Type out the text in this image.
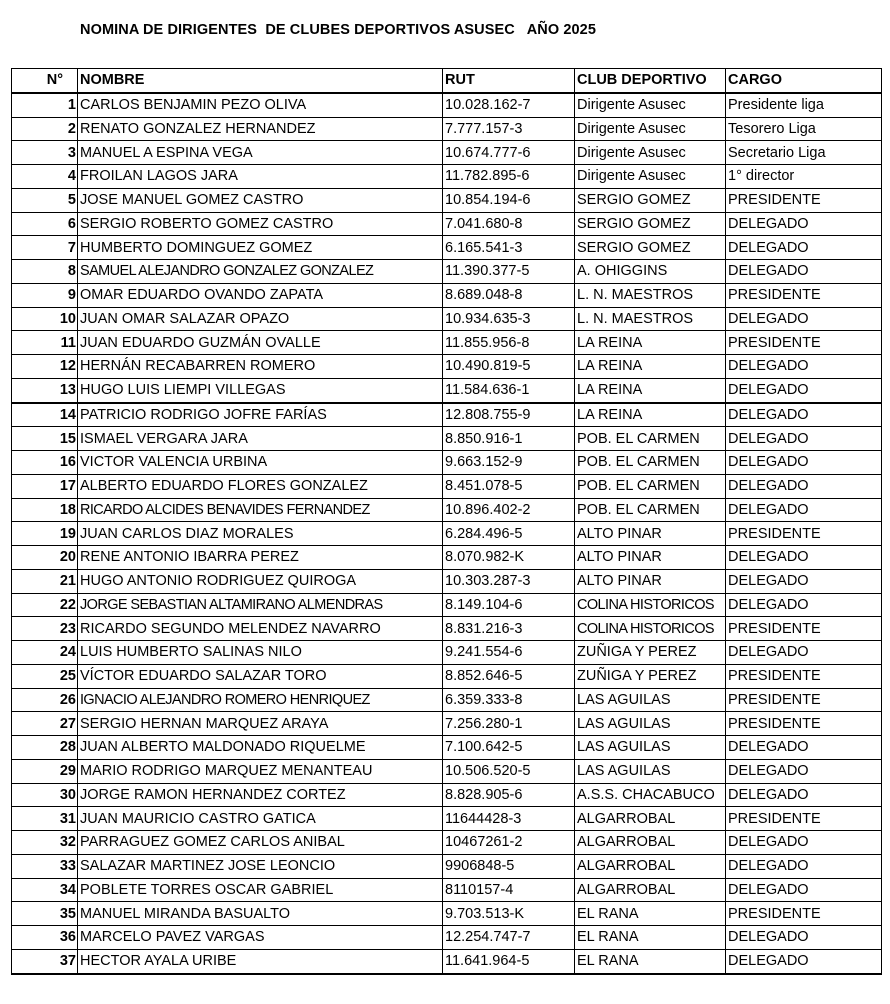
NOMINA DE DIRIGENTES  DE CLUBES DEPORTIVOS ASUSEC   AÑO 2025
N°	NOMBRE	RUT	CLUB DEPORTIVO	CARGO
1	CARLOS BENJAMIN PEZO OLIVA	10.028.162-7	Dirigente Asusec	Presidente liga
2	RENATO GONZALEZ HERNANDEZ	7.777.157-3	Dirigente Asusec	Tesorero Liga
3	MANUEL A ESPINA VEGA	10.674.777-6	Dirigente Asusec	Secretario Liga
4	FROILAN LAGOS JARA	11.782.895-6	Dirigente Asusec	1° director
5	JOSE MANUEL GOMEZ CASTRO	10.854.194-6	SERGIO GOMEZ	PRESIDENTE
6	SERGIO ROBERTO GOMEZ CASTRO	7.041.680-8	SERGIO GOMEZ	DELEGADO
7	HUMBERTO DOMINGUEZ GOMEZ	6.165.541-3	SERGIO GOMEZ	DELEGADO
8	SAMUEL ALEJANDRO GONZALEZ GONZALEZ	11.390.377-5	A. OHIGGINS	DELEGADO
9	OMAR EDUARDO OVANDO ZAPATA	8.689.048-8	L. N. MAESTROS	PRESIDENTE
10	JUAN OMAR SALAZAR OPAZO	10.934.635-3	L. N. MAESTROS	DELEGADO
11	JUAN EDUARDO GUZMÁN OVALLE	11.855.956-8	LA REINA	PRESIDENTE
12	HERNÁN RECABARREN ROMERO	10.490.819-5	LA REINA	DELEGADO
13	HUGO LUIS LIEMPI VILLEGAS	11.584.636-1	LA REINA	DELEGADO
14	PATRICIO RODRIGO JOFRE FARÍAS	12.808.755-9	LA REINA	DELEGADO
15	ISMAEL VERGARA JARA	8.850.916-1	POB. EL CARMEN	DELEGADO
16	VICTOR VALENCIA URBINA	9.663.152-9	POB. EL CARMEN	DELEGADO
17	ALBERTO EDUARDO FLORES GONZALEZ	8.451.078-5	POB. EL CARMEN	DELEGADO
18	RICARDO ALCIDES BENAVIDES FERNANDEZ	10.896.402-2	POB. EL CARMEN	DELEGADO
19	JUAN CARLOS DIAZ MORALES	6.284.496-5	ALTO PINAR	PRESIDENTE
20	RENE ANTONIO IBARRA PEREZ	8.070.982-K	ALTO PINAR	DELEGADO
21	HUGO ANTONIO RODRIGUEZ QUIROGA	10.303.287-3	ALTO PINAR	DELEGADO
22	JORGE SEBASTIAN ALTAMIRANO ALMENDRAS	8.149.104-6	COLINA HISTORICOS	DELEGADO
23	RICARDO SEGUNDO MELENDEZ NAVARRO	8.831.216-3	COLINA HISTORICOS	PRESIDENTE
24	LUIS HUMBERTO SALINAS NILO	9.241.554-6	ZUÑIGA Y PEREZ	DELEGADO
25	VÍCTOR EDUARDO SALAZAR TORO	8.852.646-5	ZUÑIGA Y PEREZ	PRESIDENTE
26	IGNACIO ALEJANDRO ROMERO HENRIQUEZ	6.359.333-8	LAS AGUILAS	PRESIDENTE
27	SERGIO HERNAN MARQUEZ ARAYA	7.256.280-1	LAS AGUILAS	PRESIDENTE
28	JUAN ALBERTO MALDONADO RIQUELME	7.100.642-5	LAS AGUILAS	DELEGADO
29	MARIO RODRIGO MARQUEZ MENANTEAU	10.506.520-5	LAS AGUILAS	DELEGADO
30	JORGE RAMON HERNANDEZ CORTEZ	8.828.905-6	A.S.S. CHACABUCO	DELEGADO
31	JUAN MAURICIO CASTRO GATICA	11644428-3	ALGARROBAL	PRESIDENTE
32	PARRAGUEZ GOMEZ CARLOS ANIBAL	10467261-2	ALGARROBAL	DELEGADO
33	SALAZAR MARTINEZ JOSE LEONCIO	9906848-5	ALGARROBAL	DELEGADO
34	POBLETE TORRES OSCAR GABRIEL	8110157-4	ALGARROBAL	DELEGADO
35	MANUEL MIRANDA BASUALTO	9.703.513-K	EL RANA	PRESIDENTE
36	MARCELO PAVEZ VARGAS	12.254.747-7	EL RANA	DELEGADO
37	HECTOR AYALA URIBE	11.641.964-5	EL RANA	DELEGADO
